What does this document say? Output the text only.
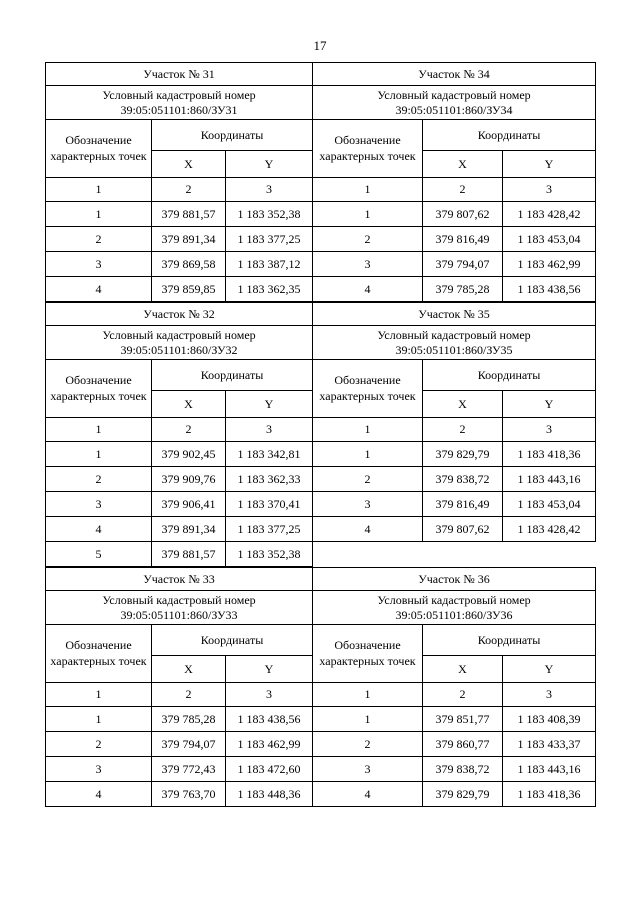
17
Участок № 31		

Условный кадастровый номер
39:05:051101:860/ЗУ31		

Обозначение характерных точек	Координаты	
	X	Y
1	2	3
1	379 881,57	1 183 352,38
2	379 891,34	1 183 377,25
3	379 869,58	1 183 387,12
4	379 859,85	1 183 362,35
Участок № 34		

Условный кадастровый номер
39:05:051101:860/ЗУ34		

Обозначение характерных точек	Координаты	
	X	Y
1	2	3
1	379 807,62	1 183 428,42
2	379 816,49	1 183 453,04
3	379 794,07	1 183 462,99
4	379 785,28	1 183 438,56
Участок № 32		

Условный кадастровый номер
39:05:051101:860/ЗУ32		

Обозначение характерных точек	Координаты	
	X	Y
1	2	3
1	379 902,45	1 183 342,81
2	379 909,76	1 183 362,33
3	379 906,41	1 183 370,41
4	379 891,34	1 183 377,25
5	379 881,57	1 183 352,38
Участок № 35		

Условный кадастровый номер
39:05:051101:860/ЗУ35		

Обозначение характерных точек	Координаты	
	X	Y
1	2	3
1	379 829,79	1 183 418,36
2	379 838,72	1 183 443,16
3	379 816,49	1 183 453,04
4	379 807,62	1 183 428,42
Участок № 33		

Условный кадастровый номер
39:05:051101:860/ЗУ33		

Обозначение характерных точек	Координаты	
	X	Y
1	2	3
1	379 785,28	1 183 438,56
2	379 794,07	1 183 462,99
3	379 772,43	1 183 472,60
4	379 763,70	1 183 448,36
Участок № 36		

Условный кадастровый номер
39:05:051101:860/ЗУ36		

Обозначение характерных точек	Координаты	
	X	Y
1	2	3
1	379 851,77	1 183 408,39
2	379 860,77	1 183 433,37
3	379 838,72	1 183 443,16
4	379 829,79	1 183 418,36
